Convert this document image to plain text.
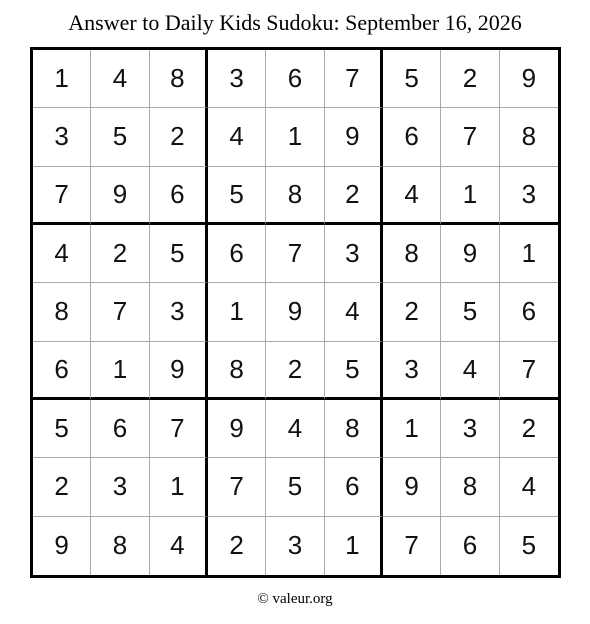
Answer to Daily Kids Sudoku: September 16, 2026
1	4	8	3	6	7	5	2	9
3	5	2	4	1	9	6	7	8
7	9	6	5	8	2	4	1	3
4	2	5	6	7	3	8	9	1
8	7	3	1	9	4	2	5	6
6	1	9	8	2	5	3	4	7
5	6	7	9	4	8	1	3	2
2	3	1	7	5	6	9	8	4
9	8	4	2	3	1	7	6	5
© valeur.org
